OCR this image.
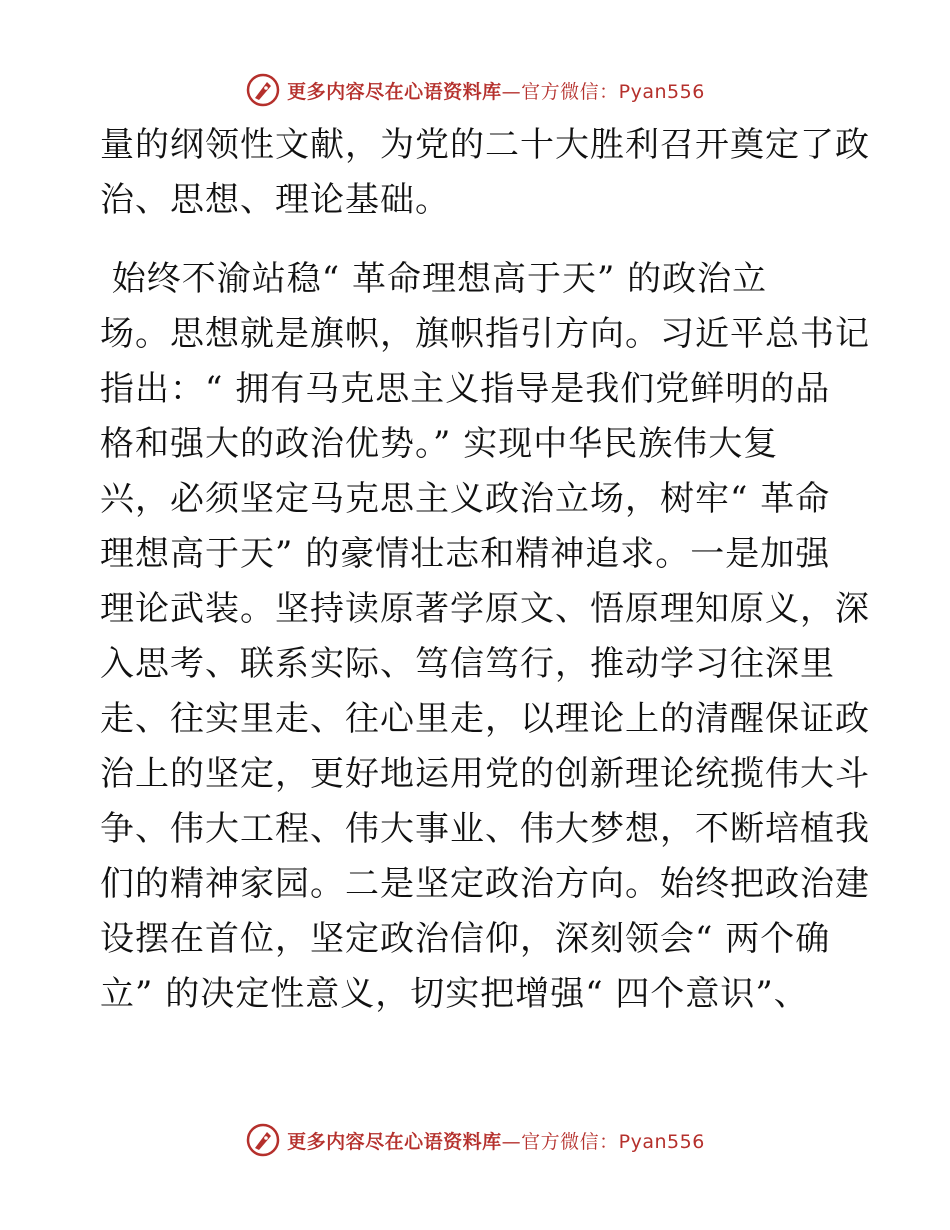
更多内容尽在心语资料库—官方微信：Pyan556
量的纲领性文献，为党的二十大胜利召开奠定了政
治、思想、理论基础。
始终不渝站稳“ 革命理想高于天” 的政治立
场。思想就是旗帜，旗帜指引方向。习近平总书记
指出：“ 拥有马克思主义指导是我们党鲜明的品
格和强大的政治优势。” 实现中华民族伟大复
兴，必须坚定马克思主义政治立场，树牢“ 革命
理想高于天” 的豪情壮志和精神追求。一是加强
理论武装。坚持读原著学原文、悟原理知原义，深
入思考、联系实际、笃信笃行，推动学习往深里
走、往实里走、往心里走，以理论上的清醒保证政
治上的坚定，更好地运用党的创新理论统揽伟大斗
争、伟大工程、伟大事业、伟大梦想，不断培植我
们的精神家园。二是坚定政治方向。始终把政治建
设摆在首位，坚定政治信仰，深刻领会“ 两个确
立” 的决定性意义，切实把增强“ 四个意识”、
更多内容尽在心语资料库—官方微信：Pyan556
